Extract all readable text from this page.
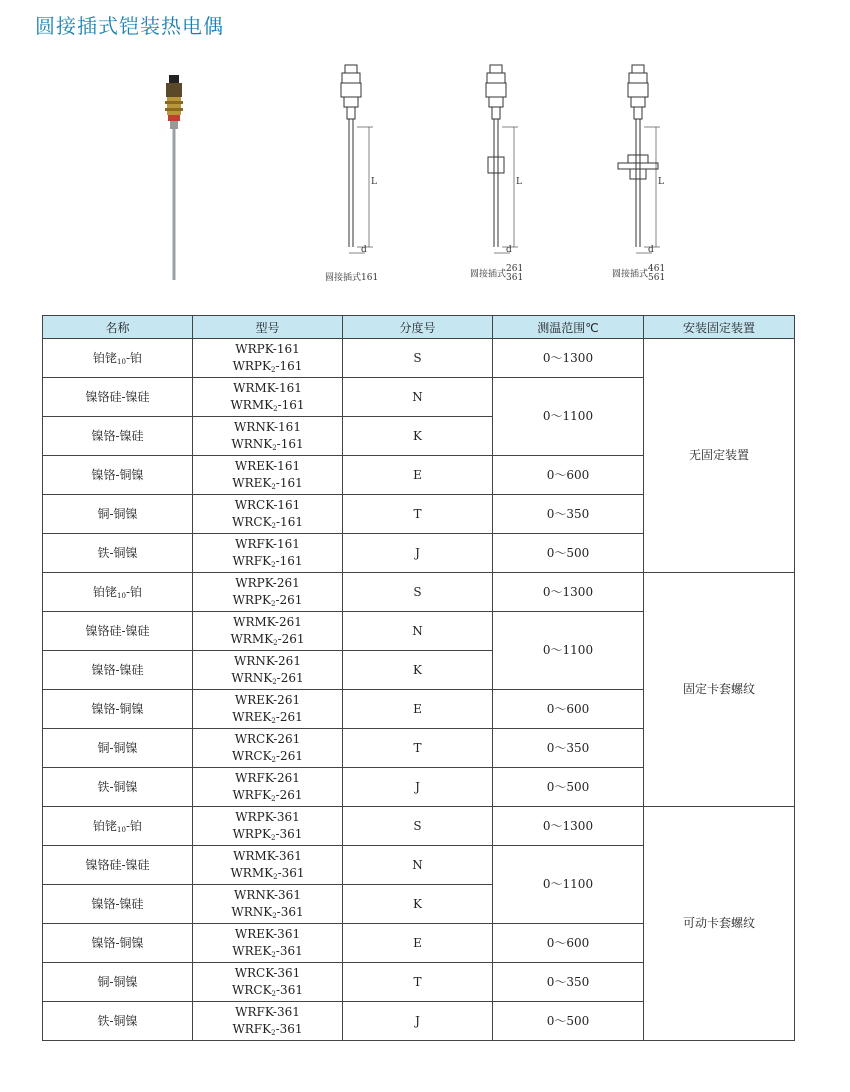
圆接插式铠装热电偶
L
d
圆接插式161
L
d
圆接插式
261
361
L
d
圆接插式
461
561
名称	型号	分度号	测温范围℃	安装固定装置
铂铑$_{10}$-铂	WRPK-161
$WRPK_2-161$	S	0～1300	无固定装置
镍铬硅-镍硅	WRMK-161
$WRMK_2-161$	N	0～1100	
镍铬-镍硅	WRNK-161
$WRNK_2-161$	K		
镍铬-铜镍	WREK-161
$WREK_2-161$	E	0～600	
铜-铜镍	WRCK-161
$WRCK_2-161$	T	0～350	
铁-铜镍	WRFK-161
$WRFK_2-161$	J	0～500	
铂铑$_{10}$-铂	WRPK-261
$WRPK_2-261$	S	0～1300	固定卡套螺纹
镍铬硅-镍硅	WRMK-261
$WRMK_2-261$	N	0～1100	
镍铬-镍硅	WRNK-261
$WRNK_2-261$	K		
镍铬-铜镍	WREK-261
$WREK_2-261$	E	0～600	
铜-铜镍	WRCK-261
$WRCK_2-261$	T	0～350	
铁-铜镍	WRFK-261
$WRFK_2-261$	J	0～500	
铂铑$_{10}$-铂	WRPK-361
$WRPK_2-361$	S	0～1300	可动卡套螺纹
镍铬硅-镍硅	WRMK-361
$WRMK_2-361$	N	0～1100	
镍铬-镍硅	WRNK-361
$WRNK_2-361$	K		
镍铬-铜镍	WREK-361
$WREK_2-361$	E	0～600	
铜-铜镍	WRCK-361
$WRCK_2-361$	T	0～350	
铁-铜镍	WRFK-361
$WRFK_2-361$	J	0～500	
